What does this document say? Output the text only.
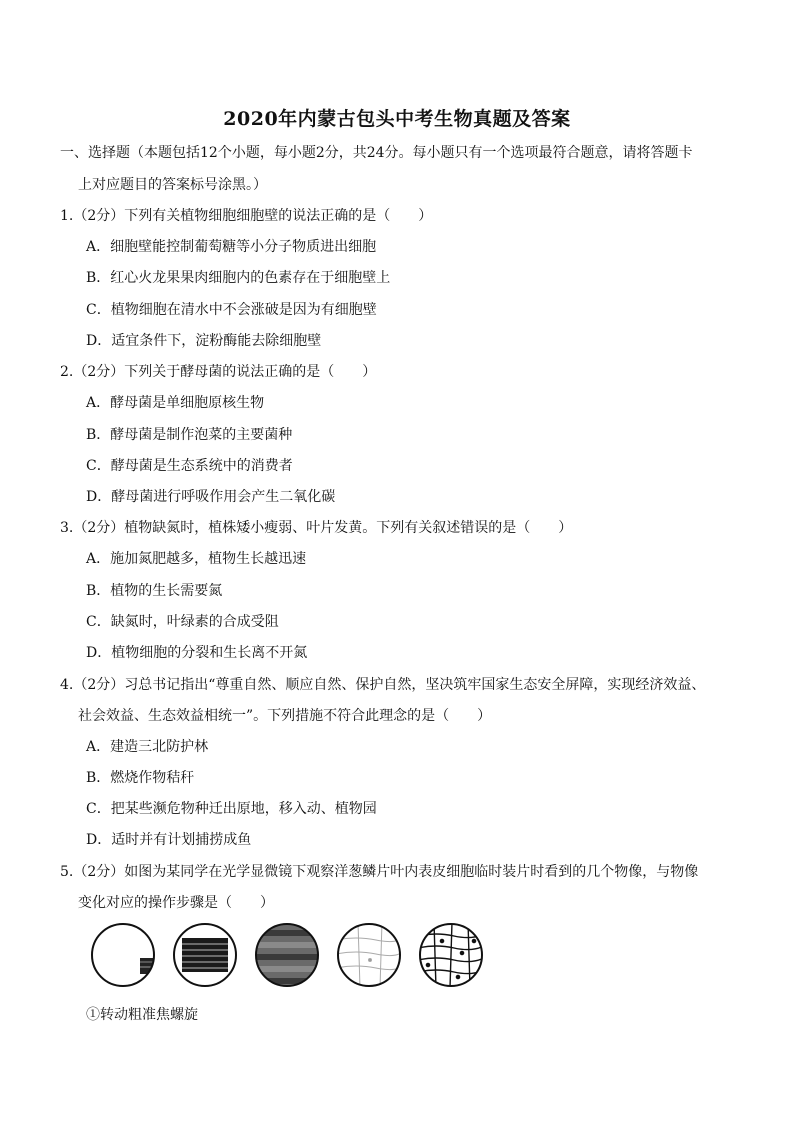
2020年内蒙古包头中考生物真题及答案
一、选择题（本题包括12个小题，每小题2分，共24分。每小题只有一个选项最符合题意，请将答题卡
上对应题目的答案标号涂黑。）
1.（2分）下列有关植物细胞细胞壁的说法正确的是（　　）
A．细胞壁能控制葡萄糖等小分子物质进出细胞
B．红心火龙果果肉细胞内的色素存在于细胞壁上
C．植物细胞在清水中不会涨破是因为有细胞壁
D．适宜条件下，淀粉酶能去除细胞壁
2.（2分）下列关于酵母菌的说法正确的是（　　）
A．酵母菌是单细胞原核生物
B．酵母菌是制作泡菜的主要菌种
C．酵母菌是生态系统中的消费者
D．酵母菌进行呼吸作用会产生二氧化碳
3.（2分）植物缺氮时，植株矮小瘦弱、叶片发黄。下列有关叙述错误的是（　　）
A．施加氮肥越多，植物生长越迅速
B．植物的生长需要氮
C．缺氮时，叶绿素的合成受阻
D．植物细胞的分裂和生长离不开氮
4.（2分）习总书记指出“尊重自然、顺应自然、保护自然，坚决筑牢国家生态安全屏障，实现经济效益、
社会效益、生态效益相统一”。下列措施不符合此理念的是（　　）
A．建造三北防护林
B．燃烧作物秸秆
C．把某些濒危物种迁出原地，移入动、植物园
D．适时并有计划捕捞成鱼
5.（2分）如图为某同学在光学显微镜下观察洋葱鳞片叶内表皮细胞临时装片时看到的几个物像，与物像
变化对应的操作步骤是（　　）
①转动粗准焦螺旋
